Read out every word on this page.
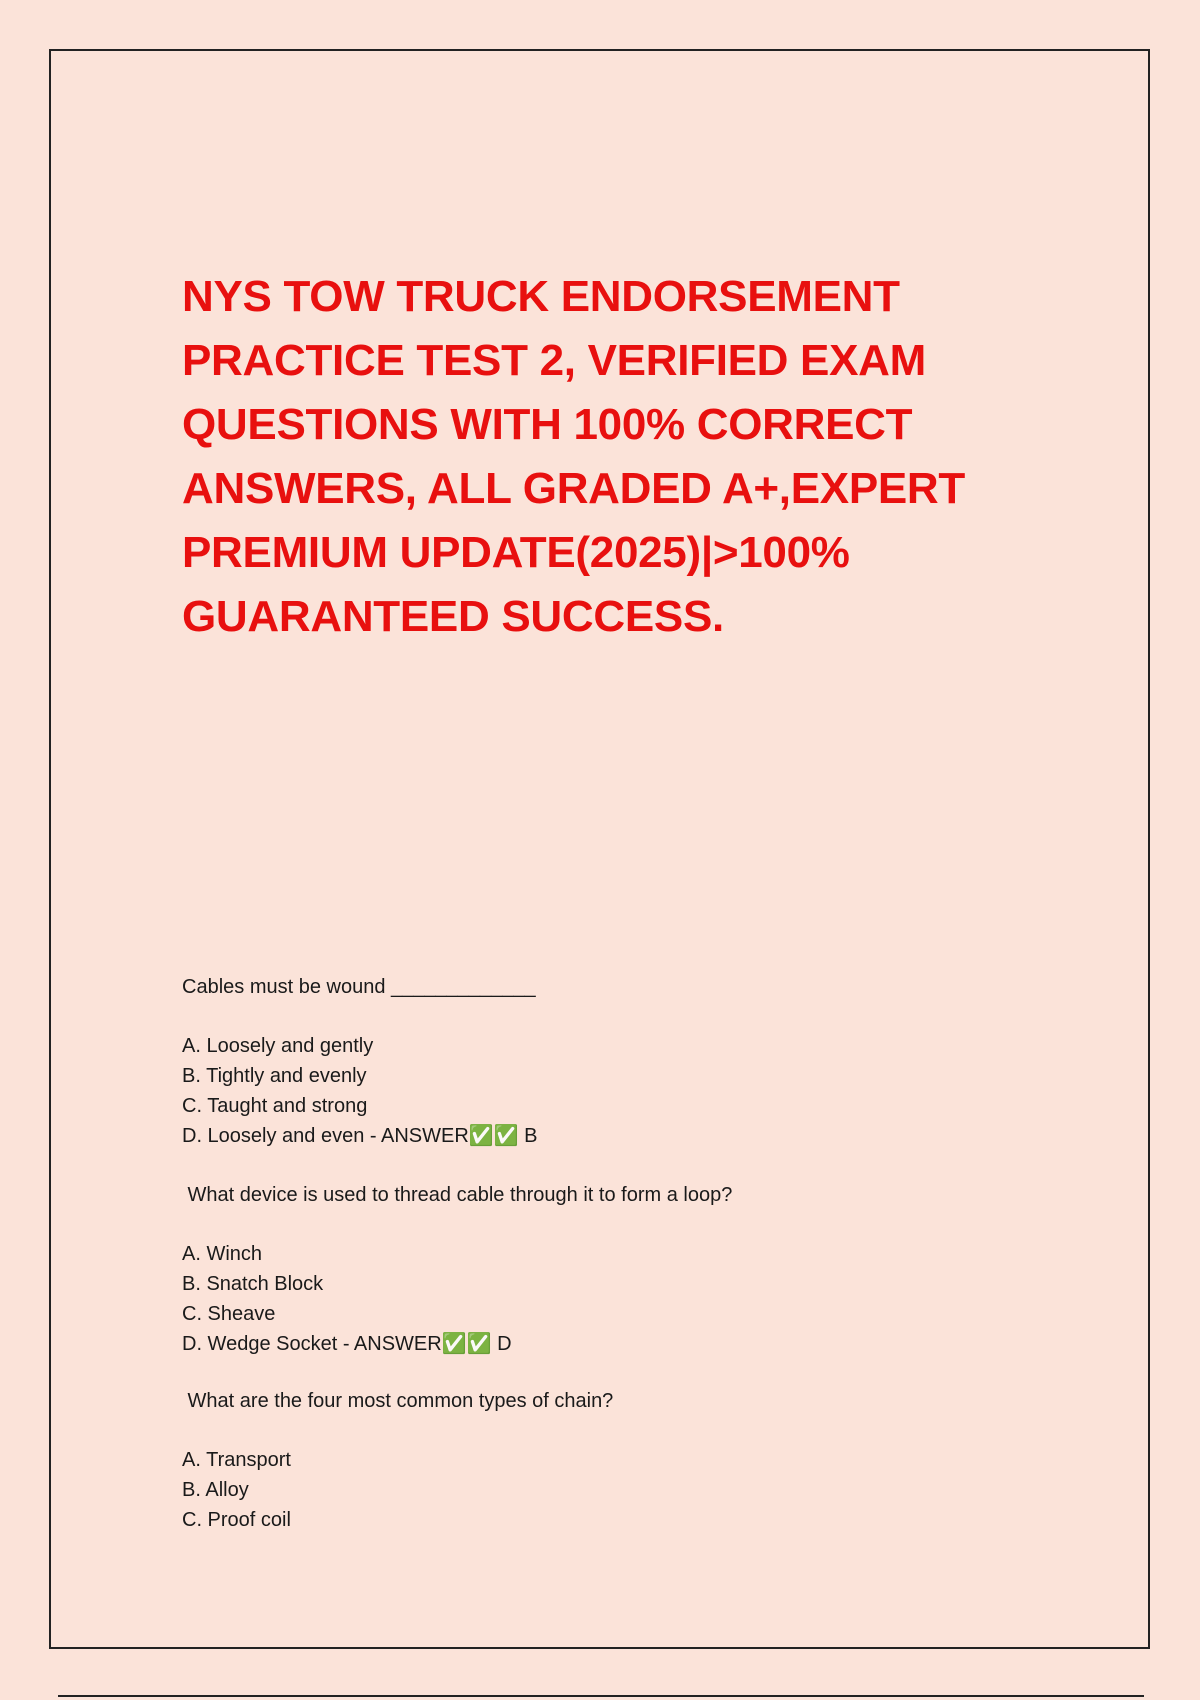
NYS TOW TRUCK ENDORSEMENT
PRACTICE TEST 2, VERIFIED EXAM
QUESTIONS WITH 100% CORRECT
ANSWERS, ALL GRADED A+,EXPERT
PREMIUM UPDATE(2025)|>100%
GUARANTEED SUCCESS.
Cables must be wound _____________
A. Loosely and gently
B. Tightly and evenly
C. Taught and strong
D. Loosely and even - ANSWER✅✅ B
What device is used to thread cable through it to form a loop?
A. Winch
B. Snatch Block
C. Sheave
D. Wedge Socket - ANSWER✅✅ D
What are the four most common types of chain?
A. Transport
B. Alloy
C. Proof coil
